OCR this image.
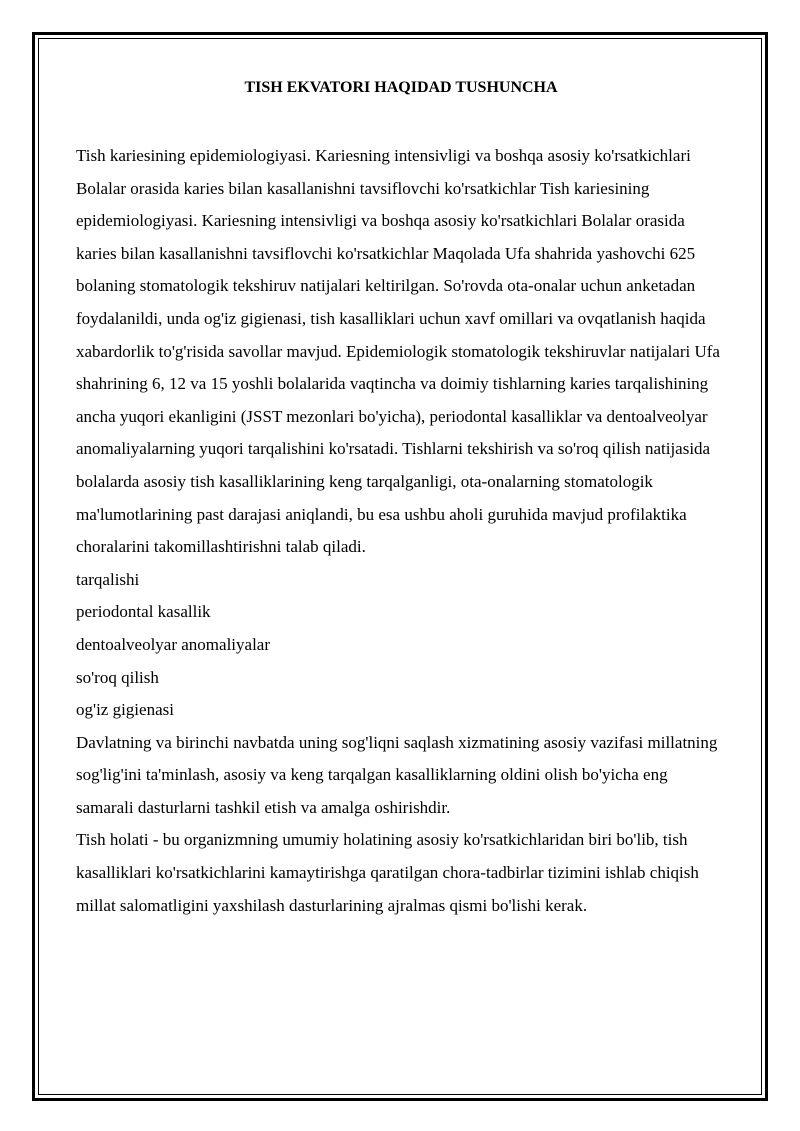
TISH EKVATORI HAQIDAD TUSHUNCHA

Tish kariesining epidemiologiyasi. Kariesning intensivligi va boshqa asosiy ko'rsatkichlari Bolalar orasida karies bilan kasallanishni tavsiflovchi ko'rsatkichlar Tish kariesining epidemiologiyasi. Kariesning intensivligi va boshqa asosiy ko'rsatkichlari Bolalar orasida karies bilan kasallanishni tavsiflovchi ko'rsatkichlar Maqolada Ufa shahrida yashovchi 625 bolaning stomatologik tekshiruv natijalari keltirilgan. So'rovda ota-onalar uchun anketadan foydalanildi, unda og'iz gigienasi, tish kasalliklari uchun xavf omillari va ovqatlanish haqida xabardorlik to'g'risida savollar mavjud. Epidemiologik stomatologik tekshiruvlar natijalari Ufa shahrining 6, 12 va 15 yoshli bolalarida vaqtincha va doimiy tishlarning karies tarqalishining ancha yuqori ekanligini (JSST mezonlari bo'yicha), periodontal kasalliklar va dentoalveolyar anomaliyalarning yuqori tarqalishini ko'rsatadi. Tishlarni tekshirish va so'roq qilish natijasida bolalarda asosiy tish kasalliklarining keng tarqalganligi, ota-onalarning stomatologik ma'lumotlarining past darajasi aniqlandi, bu esa ushbu aholi guruhida mavjud profilaktika choralarini takomillashtirishni talab qiladi.

tarqalishi
periodontal kasallik
dentoalveolyar anomaliyalar
so'roq qilish
og'iz gigienasi

Davlatning va birinchi navbatda uning sog'liqni saqlash xizmatining asosiy vazifasi millatning sog'lig'ini ta'minlash, asosiy va keng tarqalgan kasalliklarning oldini olish bo'yicha eng samarali dasturlarni tashkil etish va amalga oshirishdir.

Tish holati - bu organizmning umumiy holatining asosiy ko'rsatkichlaridan biri bo'lib, tish kasalliklari ko'rsatkichlarini kamaytirishga qaratilgan chora-tadbirlar tizimini ishlab chiqish millat salomatligini yaxshilash dasturlarining ajralmas qismi bo'lishi kerak.
